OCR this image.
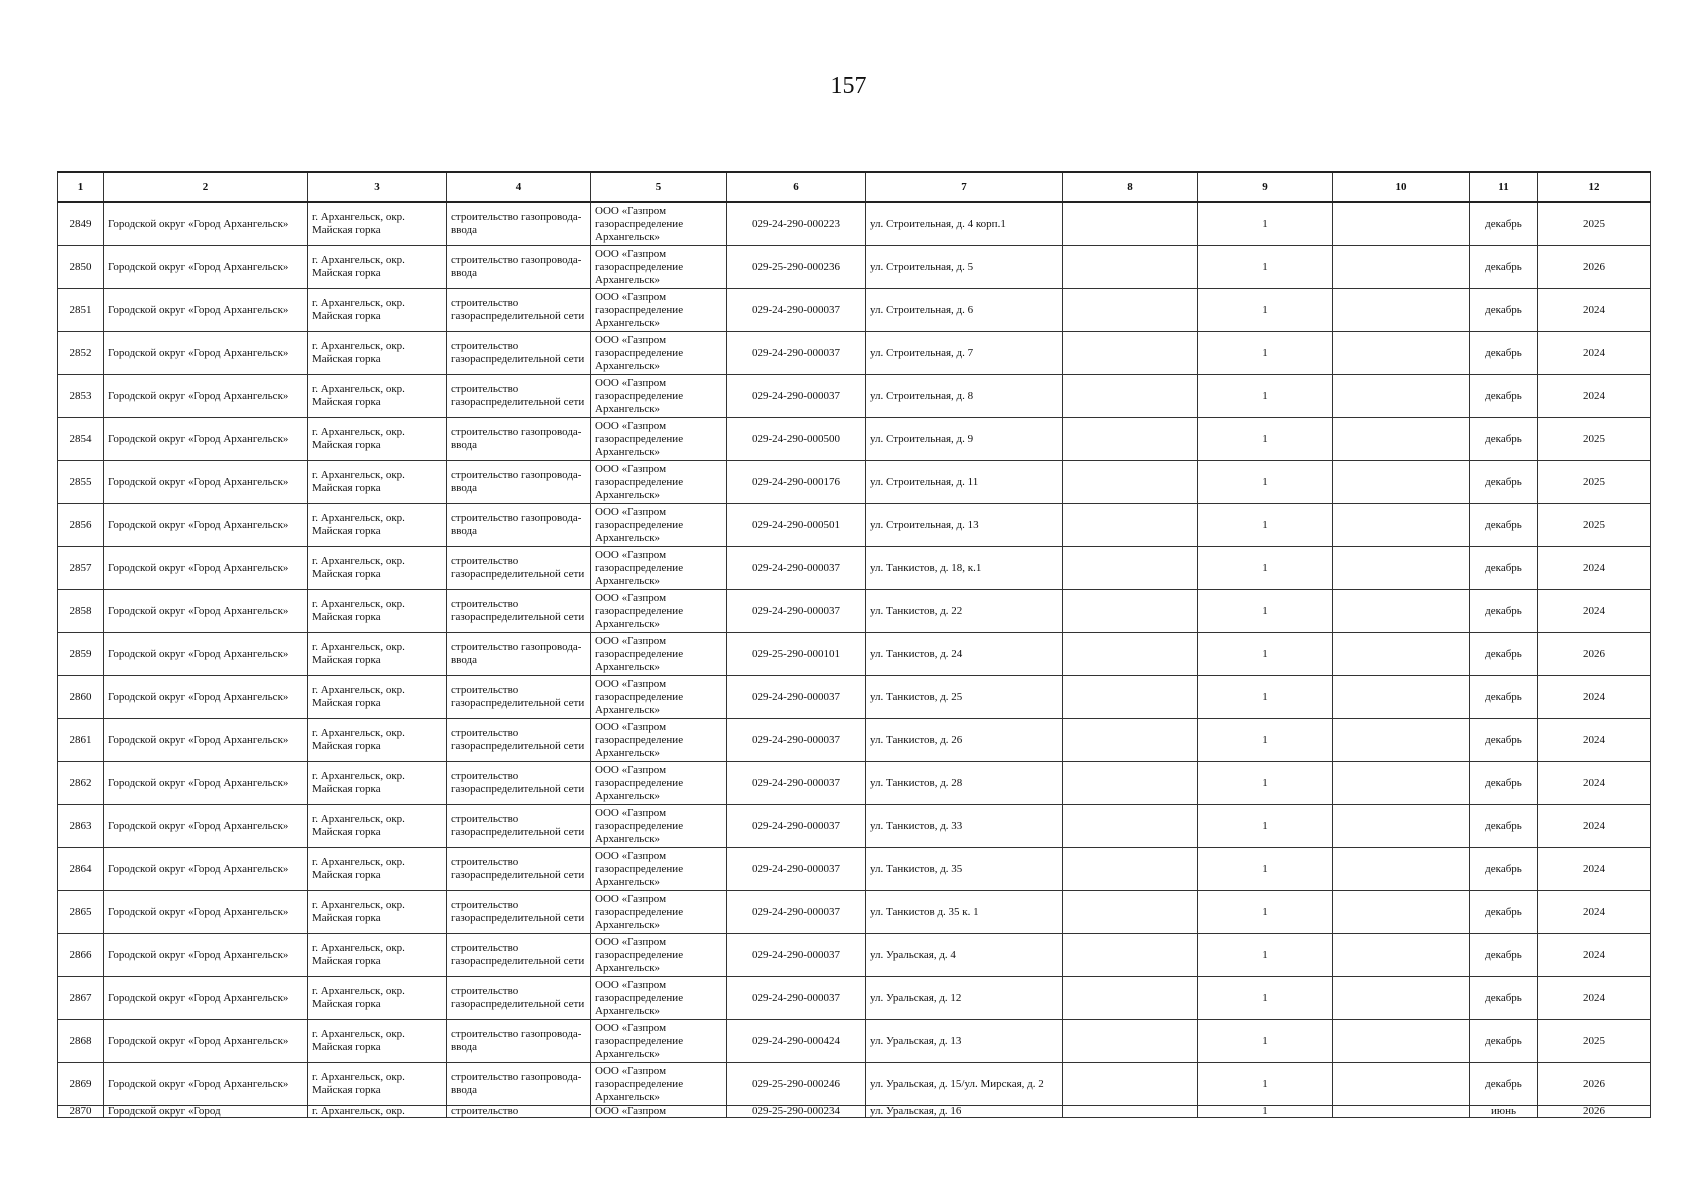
157
1	2	3	4	5	6	7	8	9	10	11	12

2849	Городской округ «Город Архангельск»	г. Архангельск, окр. Майская горка	строительство газопровода-ввода	ООО «Газпром газораспределение Архангельск»	029-24-290-000223	ул. Строительная, д. 4 корп.1		1		декабрь	2025

2850	Городской округ «Город Архангельск»	г. Архангельск, окр. Майская горка	строительство газопровода-ввода	ООО «Газпром газораспределение Архангельск»	029-25-290-000236	ул. Строительная, д. 5		1		декабрь	2026

2851	Городской округ «Город Архангельск»	г. Архангельск, окр. Майская горка	строительство газораспределительной сети	ООО «Газпром газораспределение Архангельск»	029-24-290-000037	ул. Строительная, д. 6		1		декабрь	2024

2852	Городской округ «Город Архангельск»	г. Архангельск, окр. Майская горка	строительство газораспределительной сети	ООО «Газпром газораспределение Архангельск»	029-24-290-000037	ул. Строительная, д. 7		1		декабрь	2024

2853	Городской округ «Город Архангельск»	г. Архангельск, окр. Майская горка	строительство газораспределительной сети	ООО «Газпром газораспределение Архангельск»	029-24-290-000037	ул. Строительная, д. 8		1		декабрь	2024

2854	Городской округ «Город Архангельск»	г. Архангельск, окр. Майская горка	строительство газопровода-ввода	ООО «Газпром газораспределение Архангельск»	029-24-290-000500	ул. Строительная, д. 9		1		декабрь	2025

2855	Городской округ «Город Архангельск»	г. Архангельск, окр. Майская горка	строительство газопровода-ввода	ООО «Газпром газораспределение Архангельск»	029-24-290-000176	ул. Строительная, д. 11		1		декабрь	2025

2856	Городской округ «Город Архангельск»	г. Архангельск, окр. Майская горка	строительство газопровода-ввода	ООО «Газпром газораспределение Архангельск»	029-24-290-000501	ул. Строительная, д. 13		1		декабрь	2025

2857	Городской округ «Город Архангельск»	г. Архангельск, окр. Майская горка	строительство газораспределительной сети	ООО «Газпром газораспределение Архангельск»	029-24-290-000037	ул. Танкистов, д. 18, к.1		1		декабрь	2024

2858	Городской округ «Город Архангельск»	г. Архангельск, окр. Майская горка	строительство газораспределительной сети	ООО «Газпром газораспределение Архангельск»	029-24-290-000037	ул. Танкистов, д. 22		1		декабрь	2024

2859	Городской округ «Город Архангельск»	г. Архангельск, окр. Майская горка	строительство газопровода-ввода	ООО «Газпром газораспределение Архангельск»	029-25-290-000101	ул. Танкистов, д. 24		1		декабрь	2026

2860	Городской округ «Город Архангельск»	г. Архангельск, окр. Майская горка	строительство газораспределительной сети	ООО «Газпром газораспределение Архангельск»	029-24-290-000037	ул. Танкистов, д. 25		1		декабрь	2024

2861	Городской округ «Город Архангельск»	г. Архангельск, окр. Майская горка	строительство газораспределительной сети	ООО «Газпром газораспределение Архангельск»	029-24-290-000037	ул. Танкистов, д. 26		1		декабрь	2024

2862	Городской округ «Город Архангельск»	г. Архангельск, окр. Майская горка	строительство газораспределительной сети	ООО «Газпром газораспределение Архангельск»	029-24-290-000037	ул. Танкистов, д. 28		1		декабрь	2024

2863	Городской округ «Город Архангельск»	г. Архангельск, окр. Майская горка	строительство газораспределительной сети	ООО «Газпром газораспределение Архангельск»	029-24-290-000037	ул. Танкистов, д. 33		1		декабрь	2024

2864	Городской округ «Город Архангельск»	г. Архангельск, окр. Майская горка	строительство газораспределительной сети	ООО «Газпром газораспределение Архангельск»	029-24-290-000037	ул. Танкистов, д. 35		1		декабрь	2024

2865	Городской округ «Город Архангельск»	г. Архангельск, окр. Майская горка	строительство газораспределительной сети	ООО «Газпром газораспределение Архангельск»	029-24-290-000037	ул. Танкистов д. 35 к. 1		1		декабрь	2024

2866	Городской округ «Город Архангельск»	г. Архангельск, окр. Майская горка	строительство газораспределительной сети	ООО «Газпром газораспределение Архангельск»	029-24-290-000037	ул. Уральская, д. 4		1		декабрь	2024

2867	Городской округ «Город Архангельск»	г. Архангельск, окр. Майская горка	строительство газораспределительной сети	ООО «Газпром газораспределение Архангельск»	029-24-290-000037	ул. Уральская, д. 12		1		декабрь	2024

2868	Городской округ «Город Архангельск»	г. Архангельск, окр. Майская горка	строительство газопровода-ввода	ООО «Газпром газораспределение Архангельск»	029-24-290-000424	ул. Уральская, д. 13		1		декабрь	2025

2869	Городской округ «Город Архангельск»	г. Архангельск, окр. Майская горка	строительство газопровода-ввода	ООО «Газпром газораспределение Архангельск»	029-25-290-000246	ул. Уральская, д. 15/ул. Мирская, д. 2		1		декабрь	2026

2870	Городской округ «Город	г. Архангельск, окр.	строительство	ООО «Газпром	029-25-290-000234	ул. Уральская, д. 16		1		июнь	2026
